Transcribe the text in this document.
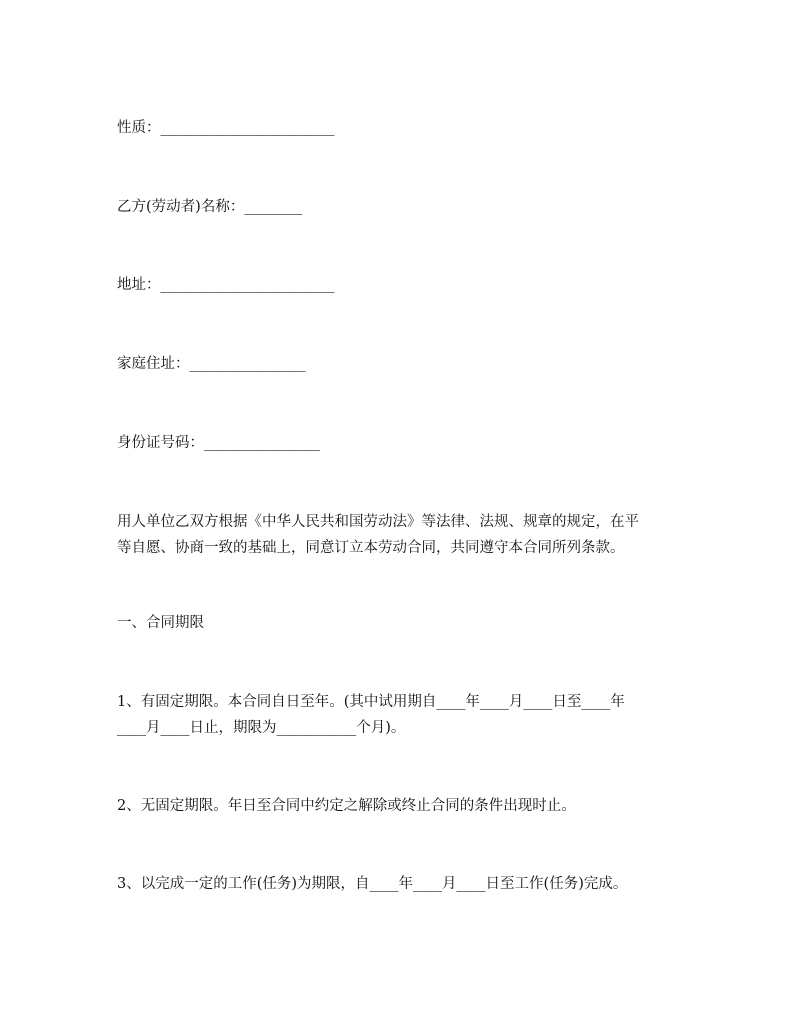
性质：________________________
乙方(劳动者)名称：________
地址：________________________
家庭住址：________________
身份证号码：________________
用人单位乙双方根据《中华人民共和国劳动法》等法律、法规、规章的规定，在平
等自愿、协商一致的基础上，同意订立本劳动合同，共同遵守本合同所列条款。
一、合同期限
1、有固定期限。本合同自日至年。(其中试用期自____年____月____日至____年
____月____日止，期限为___________个月)。
2、无固定期限。年日至合同中约定之解除或终止合同的条件出现时止。
3、以完成一定的工作(任务)为期限，自____年____月____日至工作(任务)完成。
